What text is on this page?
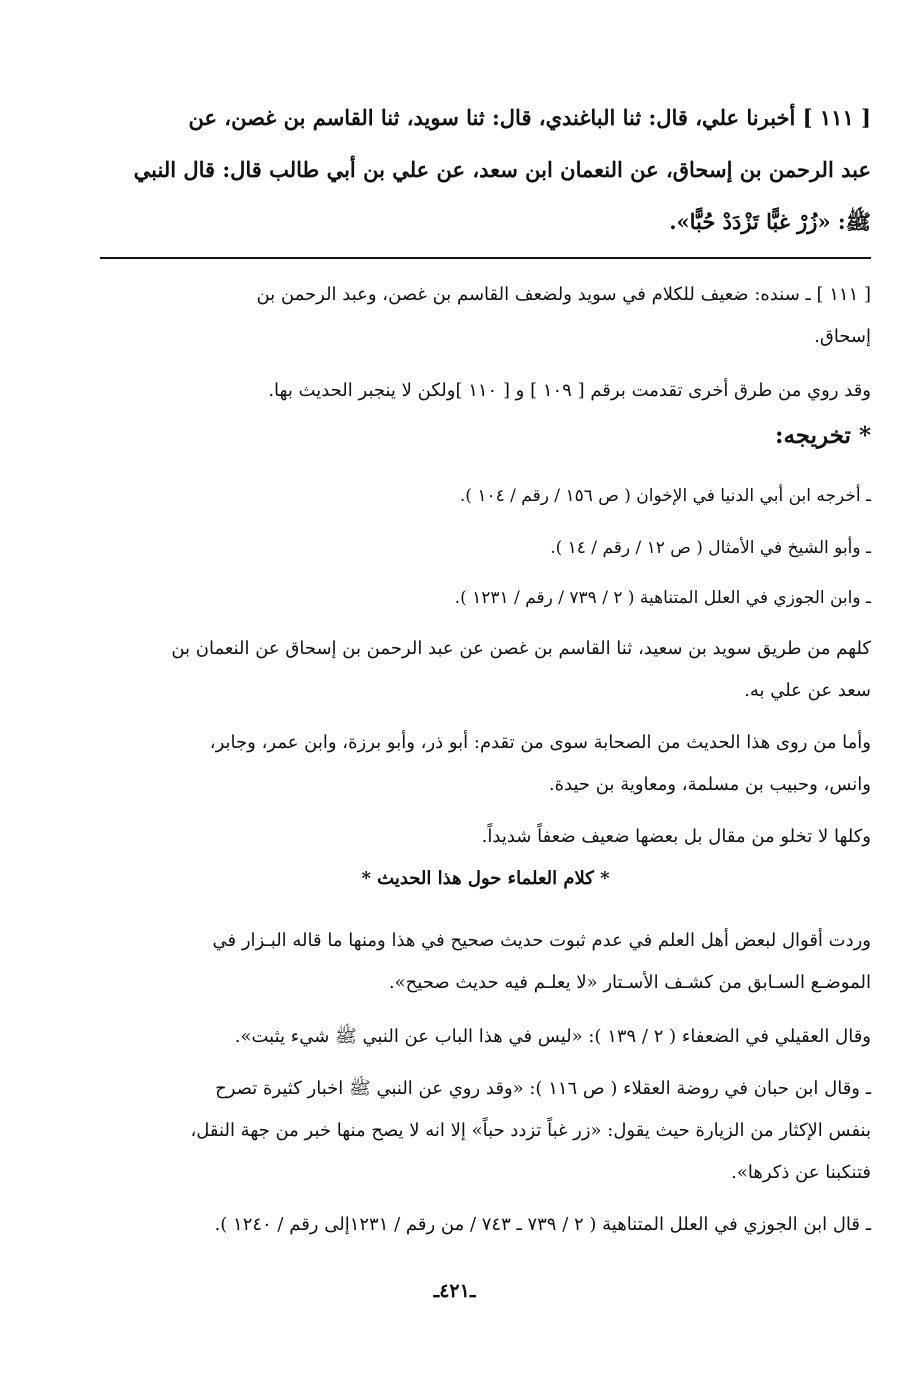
[ ١١١ ] أخبرنا علي، قال: ثنا الباغندي، قال: ثنا سويد، ثنا القاسم بن غصن، عن
عبد الرحمن بن إسحاق، عن النعمان ابن سعد، عن علي بن أبي طالب قال: قال النبي
ﷺ: «زُرْ غبًّا تَزْدَدْ حُبًّا».
[ ١١١ ] ـ سنده: ضعيف للكلام في سويد ولضعف القاسم بن غصن، وعبد الرحمن بن
إسحاق.
وقد روي من طرق أخرى تقدمت برقم [ ١٠٩ ] و [ ١١٠ ]ولكن لا ينجبر الحديث بها.
* تخريجه:
ـ أخرجه ابن أبي الدنيا في الإخوان ( ص ١٥٦ / رقم / ١٠٤ ).
ـ وأبو الشيخ في الأمثال ( ص ١٢ / رقم / ١٤ ).
ـ وابن الجوزي في العلل المتناهية ( ٢ / ٧٣٩ / رقم / ١٢٣١ ).
كلهم من طريق سويد بن سعيد، ثنا القاسم بن غصن عن عبد الرحمن بن إسحاق عن النعمان بن
سعد عن علي به.
وأما من روى هذا الحديث من الصحابة سوى من تقدم: أبو ذر، وأبو برزة، وابن عمر، وجابر،
وانس، وحبيب بن مسلمة، ومعاوية بن حيدة.
وكلها لا تخلو من مقال بل بعضها ضعيف ضعفاً شديداً.
* كلام العلماء حول هذا الحديث *
وردت أقوال لبعض أهل العلم في عدم ثبوت حديث صحيح في هذا ومنها ما قاله البـزار في
الموضـع السـابق من كشـف الأسـتار «لا يعلـم فيه حديث صحيح».
وقال العقيلي في الضعفاء ( ٢ / ١٣٩ ): «ليس في هذا الباب عن النبي ﷺ شيء يثبت».
ـ وقال ابن حبان في روضة العقلاء ( ص ١١٦ ): «وقد روي عن النبي ﷺ اخبار كثيرة تصرح
بنفس الإكثار من الزيارة حيث يقول: «زر غباً تزدد حباً» إلا انه لا يصح منها خبر من جهة النقل،
فتنكبنا عن ذكرها».
ـ قال ابن الجوزي في العلل المتناهية ( ٢ / ٧٣٩ ـ ٧٤٣ / من رقم / ١٢٣١إلى رقم / ١٢٤٠ ).
ـ٤٢١ـ
